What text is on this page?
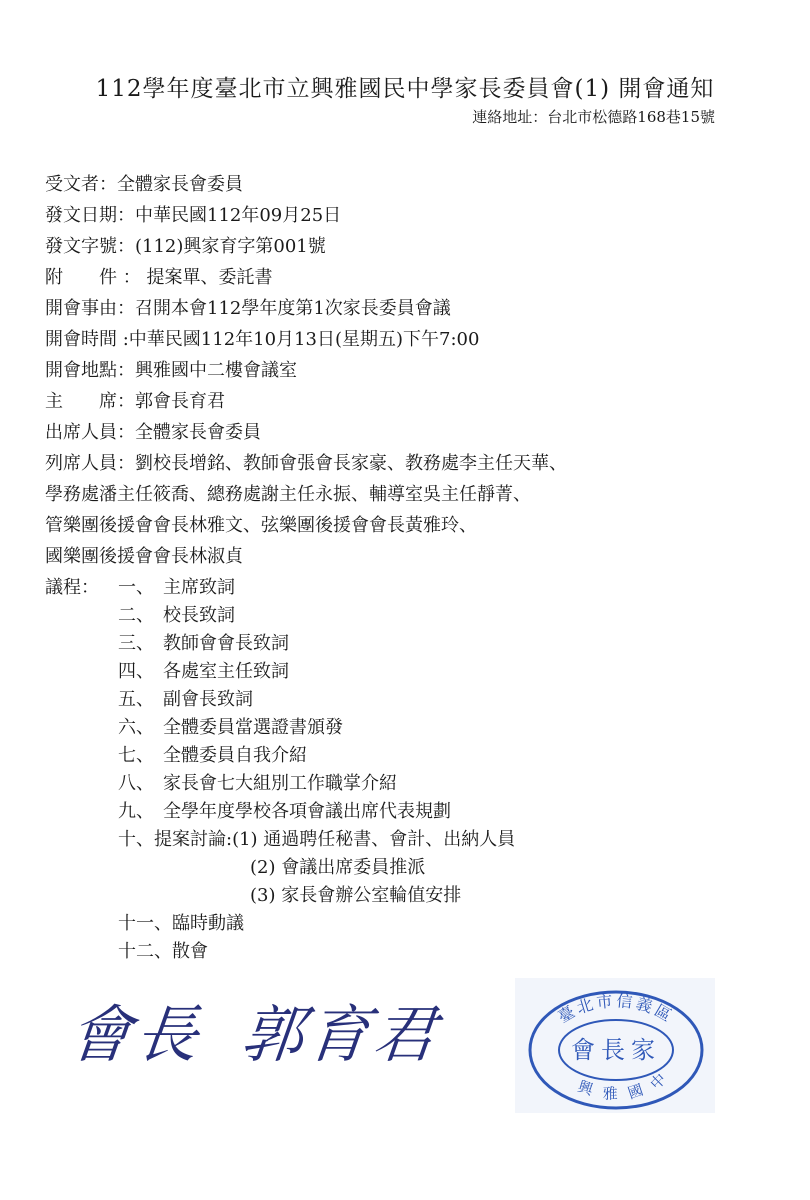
112學年度臺北市立興雅國民中學家長委員會(1) 開會通知
連絡地址：台北市松德路168巷15號
受文者：全體家長會委員
發文日期：中華民國112年09月25日
發文字號：(112)興家育字第001號
附　　件 ： 提案單、委託書
開會事由：召開本會112學年度第1次家長委員會議
開會時間 :中華民國112年10月13日(星期五)下午7:00
開會地點：興雅國中二樓會議室
主　　席：郭會長育君
出席人員：全體家長會委員
列席人員：劉校長增銘、教師會張會長家豪、教務處李主任天華、
學務處潘主任筱喬、總務處謝主任永振、輔導室吳主任靜菁、
管樂團後援會會長林雅文、弦樂團後援會會長黃雅玲、
國樂團後援會會長林淑貞
議程： 一、　主席致詞
二、　校長致詞
三、　教師會會長致詞
四、　各處室主任致詞
五、　副會長致詞
六、　全體委員當選證書頒發
七、　全體委員自我介紹
八、　家長會七大組別工作職掌介紹
九、　全學年度學校各項會議出席代表規劃
十、提案討論:(1) 通過聘任秘書、會計、出納人員
(2) 會議出席委員推派
(3) 家長會辦公室輪值安排
十一、臨時動議
十二、散會
會長 郭育君	臺北市信義區
興雅國中
會長家
